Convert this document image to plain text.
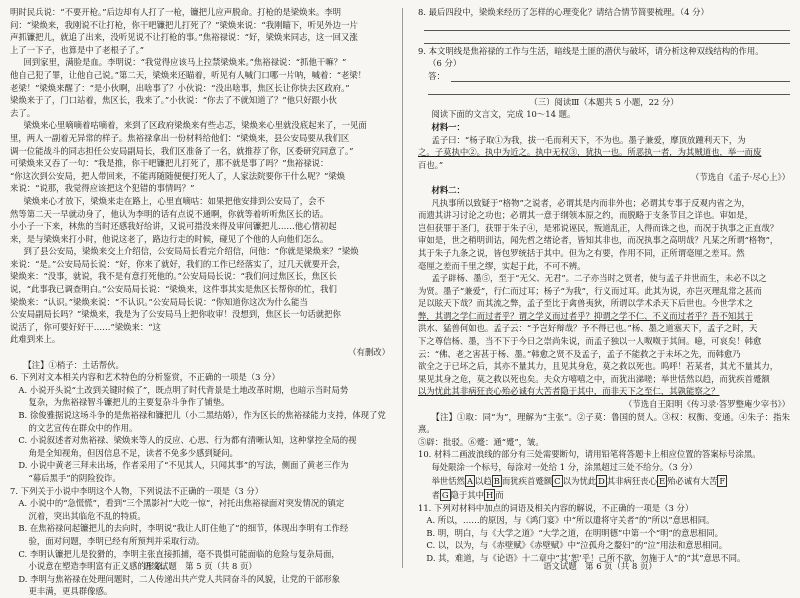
明时民兵说：“不要开枪。”后边却有人打了一枪，镰把儿应声脱命。打枪的是梁焕来。李明

问：“梁焕来，我刚说不让打枪，你干吧镰把儿打死了？”梁焕来说：“我刚瞄下，听见外边一片

声抓镰把儿，就追了出来，没听见说不让打枪的事。”焦裕禄说：“好，梁焕来同志，这一回又涨

上了一下子，也算是中了老根子了。”

回到家里，满脸是血。李明说：“我觉得应该马上拉禁梁焕来。”焦裕禄说：“抓他干嘛？”

他自己犯了罪，让他自己说。”第二天，梁焕来还瞄着，听见有人喊门口哪一片呐，喊着：“老梁！

老梁！”梁焕来醒了：“是小伙啊，出啥事了？小伙说：“没出啥事，焦区长让你快去区政府。”

梁焕来于了，门口站着，焦区长，我来了。”小伙说：“你去了不就知道了？”他只好跟小伙

去了。

梁焕来心里嘀嘀着咕嘀着，来到了区政府梁焕来有些忐忑，梁焕来心里就没底起来了，一见面

里，两人一副着无异常的样子。焦裕禄拿出一份材料给他们：“梁焕来，县公安局要从我们区

调一位能战斗的同志担任公安局副局长，我们区准备了一名，就推荐了你，区委研究同意了。”

可梁焕来又吞了一句：“我是推，你干吧镰把儿打死了，那不就是事了吗？”焦裕禄说：

“你这次到公安局，把人带回来，不能再随随便便打死人了，人家法院要你干什么呢？”梁焕

来说：“说那，我觉得应该把这个犯错的事情吗？”

梁焕来心才放下，梁焕来走在路上，心里直嘀咕：如果把他安排到公安局了，会不

然等第二天一早就动身了，他认为李明的话有点说不通啊，你就等着听听焦区长的话。

小小子一下来，林焦的当时还感我好给讲，又说可措没来得及审问镰把儿……他心情初起

来，是与梁焕来打小时，他说这老了，路边行走的时候，碰见了个他的人向他们怎么。

到了县公安局，梁焕来交上介绍信，公安局局长看完介绍信，问他：“你就是梁焕来？”梁焕

来说：“是。”公安局局长说：“好，你来了就好，我们的工作已经落实了，过几天就要开会，

梁焕来：“没事，就说，我不是有意打死他的。”公安局局长说：“我们问过焦区长，焦区长

说，“此事我已调查明白。”公安局局长说：“梁焕来，这件事其实是焦区长帮你的忙，我们

梁焕来：“认识。”梁焕来说：“不认识。”公安局局长说：“你知道你这次为什么能当

公安局副局长吗？”梁焕来，我是为了公安局马上把你收审！没想到，焦区长一句话就把你

说活了，你可要好好干……”梁焕来：“这

此难到来上。

（有删改）

【注】①梢子：土话帮伙。

6. 下列对文本相关内容和艺术特色的分析鉴赏，不正确的一项是（3 分）

A. 小说开头说“土改到关键时候了”，既点明了时代背景是土地改革时期，也暗示当时局势

复杂，为焦裕禄智斗镰把儿的主要复杂斗争作了铺垫。

B. 徐俊雅据说这场斗争的是焦裕禄和镰把儿（小二黑结婚），作为区长的焦裕禄能力支持，体现了党

的文艺宣传在群众中的作用。

C. 小说叙述者对焦裕禄、梁焕来等人的反应、心思、行为都有清晰认知，这种掌控全局的视

角是全知视角，但因信息不足，读者不免多少感到疑问。

D. 小说中黄老三拜未出场，作者采用了“不见其人，只闻其事”的写法，侧面了黄老三作为

“幕后黑手”的阴险狡诈。

7. 下列关于小说中李明这个人物，下列说法不正确的一项是（3 分）

A. 小说中的“急慌慌”，看到“三个黑影衬”大吃一惊”，衬托出焦裕禄面对突发情况的镇定

沉着，突出其临危不乱的特质。

B. 在焦裕禄问起镰把儿的去向时，李明说“我让人盯住他了”的细节，体现出李明有工作经

验，面对问题，李明已经有所预判并采取行动。

C. 李明认镰把儿是狡猾的，李明主张直接抓捕，毫不畏惧可能面临的危险与复杂局面，

小说意在塑造李明富有正义感的形象。

D. 李明与焦裕禄在处理问题时，二人传递出共产党人共同奋斗的风貌，让党的干部形象

更丰满，更具群像感。

语文试题　第 5 页（共 8 页）

8. 最后四段中，梁焕来经历了怎样的心理变化？请结合情节简要梳理。（4 分）

9. 本文明线是焦裕禄的工作与生活，暗线是土匪的潜伏与破坏，请分析这种双线结构的作用。

（6 分）

答：

（三）阅读Ⅲ（本题共 5 小题，22 分）

阅读下面的文言文，完成 10～14 题。

材料一：

孟子曰：“杨子取①为我，拔一毛而利天下，不为也。墨子兼爱，摩顶放踵利天下，为

之。子莫执中②。执中为近之。执中无权③，犹执一也。所恶执一者，为其贼道也，举一而废

百也。”

（节选自《孟子·尽心上》）

材料二：

凡执事所以致疑于“格物”之说者，必谓其是内而非外也；必谓其专事于反观内省之为，

而遗其讲习讨论之功也；必谓其一意于纲领本原之约，而脱略于支条节目之详也。审如是，

岂但获罪于圣门，获罪于朱子④，是邪说诬民，叛道乱正，人得而诛之也，而况于执事之正直哉？

审如是，世之稍明训诂，闻先哲之绪论者，皆知其非也，而况执事之高明哉？凡某之所谓“格物”，

其于朱子九条之说，皆包罗统括于其中。但为之有要，作用不同，正所谓毫厘之差耳。然

毫厘之差而千里之缪，实起于此，不可不辨。

孟子辟杨、墨⑤，至于“无父、无君”。二子亦当时之贤者，使与孟子并世而生，未必不以之

为贤。墨子“兼爱”，行仁而过耳；杨子“为我”，行义而过耳。此其为说，亦岂灭理乱常之甚而

足以眩天下哉？而其流之弊，孟子至比于禽兽夷狄，所谓以学术杀天下后世也。今世学术之

弊，其谓之学仁而过者乎？谓之学义而过者乎？抑谓之学不仁、不义而过者乎？吾不知其于

洪水、猛兽何如也。孟子云：“予岂好辩哉？予不得已也。”杨、墨之道塞天下，孟子之时，天

下之尊信杨、墨，当不下于今日之崇尚朱说，而孟子独以一人呶呶于其间。噫，可哀矣！韩愈

云：“佛、老之害甚于杨、墨。”韩愈之贤不及孟子，孟子不能救之于未坏之先，而韩愈乃

欲全之于已坏之后，其亦不量其力，且见其身危，莫之救以死也。呜呼！若某者，其尤不量其力，

果见其身之危，莫之救以死也矣。夫众方嘻嘻之中，而犹出涕嗟；举世恬然以趋，而犹疾首蹙额

以为忧此其非病狂丧心殆必诚有大苦者隐于其中，而非天下之至仁，其孰能察之？

（节选自王阳明《传习录·答罗整庵少宰书》）

【注】①取：同“为”，理解为“主张”。②子莫：鲁国的贤人。③权：权衡、变通。④朱子：指朱熹。

⑤辟：批驳。⑥蹙：通“蹙”，皱。

10. 材料二画波浪线的部分有三处需要断句，请用铅笔将答题卡上相应位置的答案标号涂黑。

每处限涂一个标号，每涂对一处给 1 分，涂黑超过三处不给分。（3 分）

举世恬然 A 以趋 B 而犹疾首蹙额 C 以为忧此 D 其非病狂丧心 E 殆必诚有大苦 F

者 G 隐于其中 H 而

11. 下列对材料中加点的词语及相关内容的解说，不正确的一项是（3 分）

A. 所以，……的原因，与《鸿门宴》中“所以遣将守关者”的“所以”意思相同。

B. 明，明白，与《大学之道》“大学之道，在明明德”中第一个“明”的意思相同。

C. 以，以为，与《赤壁赋》《赤壁赋》中“泣孤舟之嫠妇”的“泣”用法和意思相同。

D. 其，难道，与《论语》十二章中“其’恕’乎！己所不欲，勿施于人”的“其”意思不同。

语文试题　第 6 页（共 8 页）
